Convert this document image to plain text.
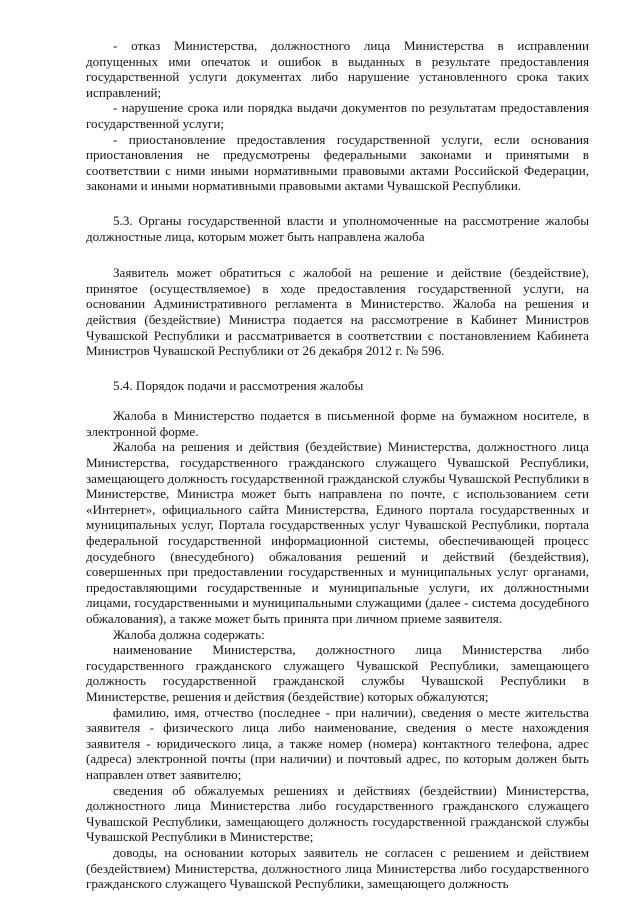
- отказ Министерства, должностного лица Министерства в исправлении допущенных ими опечаток и ошибок в выданных в результате предоставления государственной услуги документах либо нарушение установленного срока таких исправлений;
- нарушение срока или порядка выдачи документов по результатам предоставления государственной услуги;
- приостановление предоставления государственной услуги, если основания приостановления не предусмотрены федеральными законами и принятыми в соответствии с ними иными нормативными правовыми актами Российской Федерации, законами и иными нормативными правовыми актами Чувашской Республики.
5.3. Органы государственной власти и уполномоченные на рассмотрение жалобы должностные лица, которым может быть направлена жалоба
Заявитель может обратиться с жалобой на решение и действие (бездействие), принятое (осуществляемое) в ходе предоставления государственной услуги, на основании Административного регламента в Министерство. Жалоба на решения и действия (бездействие) Министра подается на рассмотрение в Кабинет Министров Чувашской Республики и рассматривается в соответствии с постановлением Кабинета Министров Чувашской Республики от 26 декабря 2012 г. № 596.
5.4. Порядок подачи и рассмотрения жалобы
Жалоба в Министерство подается в письменной форме на бумажном носителе, в электронной форме.
Жалоба на решения и действия (бездействие) Министерства, должностного лица Министерства, государственного гражданского служащего Чувашской Республики, замещающего должность государственной гражданской службы Чувашской Республики в Министерстве, Министра может быть направлена по почте, с использованием сети «Интернет», официального сайта Министерства, Единого портала государственных и муниципальных услуг, Портала государственных услуг Чувашской Республики, портала федеральной государственной информационной системы, обеспечивающей процесс досудебного (внесудебного) обжалования решений и действий (бездействия), совершенных при предоставлении государственных и муниципальных услуг органами, предоставляющими государственные и муниципальные услуги, их должностными лицами, государственными и муниципальными служащими (далее - система досудебного обжалования), а также может быть принята при личном приеме заявителя.
Жалоба должна содержать:
наименование Министерства, должностного лица Министерства либо государственного гражданского служащего Чувашской Республики, замещающего должность государственной гражданской службы Чувашской Республики в Министерстве, решения и действия (бездействие) которых обжалуются;
фамилию, имя, отчество (последнее - при наличии), сведения о месте жительства заявителя - физического лица либо наименование, сведения о месте нахождения заявителя - юридического лица, а также номер (номера) контактного телефона, адрес (адреса) электронной почты (при наличии) и почтовый адрес, по которым должен быть направлен ответ заявителю;
сведения об обжалуемых решениях и действиях (бездействии) Министерства, должностного лица Министерства либо государственного гражданского служащего Чувашской Республики, замещающего должность государственной гражданской службы Чувашской Республики в Министерстве;
доводы, на основании которых заявитель не согласен с решением и действием (бездействием) Министерства, должностного лица Министерства либо государственного гражданского служащего Чувашской Республики, замещающего должность
